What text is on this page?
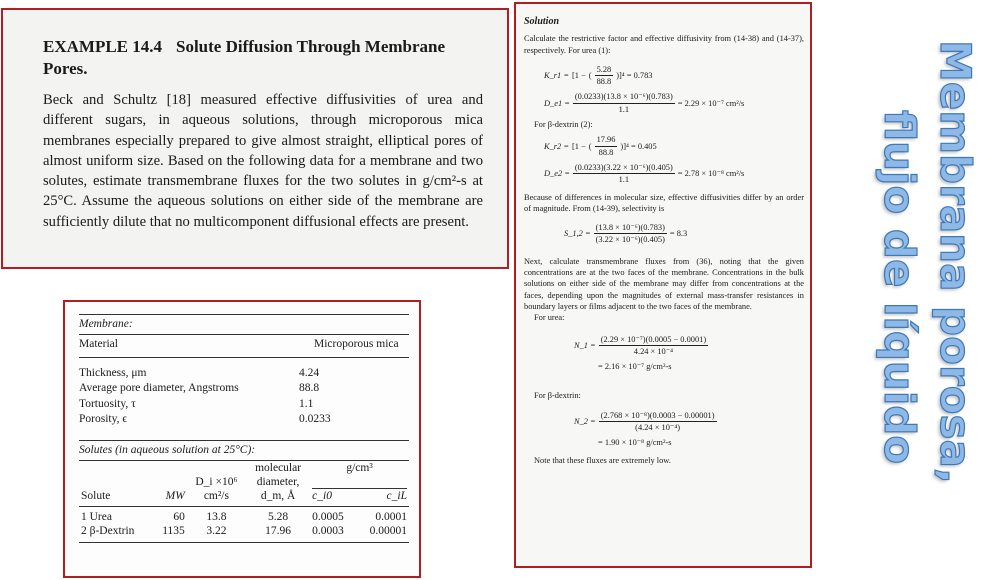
EXAMPLE 14.4 Solute Diffusion Through Membrane Pores.
Beck and Schultz [18] measured effective diffusivities of urea and different sugars, in aqueous solutions, through microporous mica membranes especially prepared to give almost straight, elliptical pores of almost uniform size. Based on the following data for a membrane and two solutes, estimate transmembrane fluxes for the two solutes in g/cm²-s at 25°C. Assume the aqueous solutions on either side of the membrane are sufficiently dilute that no multicomponent diffusional effects are present.
Membrane:
Material	Microporous mica
Thickness, μm	4.24
Average pore diameter, Angstroms	88.8
Tortuosity, τ	1.1
Porosity, ϵ	0.0233
Solutes (in aqueous solution at 25°C):
			molecular	g/cm³	
		D_i ×10⁶	diameter,		

Solute	MW	cm²/s	d_m, Å	c_i0	c_iL

1 Urea	60	13.8	5.28	0.0005	0.0001
2 β-Dextrin	1135	3.22	17.96	0.0003	0.00001
Solution
Calculate the restrictive factor and effective diffusivity from (14-38) and (14-37), respectively. For urea (1):
K_r1 = [1 − ( $\frac{5.28}{88.8} )]^4 = 0.783$
D_e1 = $\frac{\text{(0.0233)(13.8 × 10⁻⁶)(0.783)}}{1.1} = 2.29 \times 10^{-7}$ cm²/s
For β-dextrin (2):
K_r2 = [1 − ( $\frac{17.96}{88.8} )]^4 = 0.405$
D_e2 = $\frac{\text{(0.0233)(3.22 × 10⁻⁶)(0.405)}}{1.1} = 2.78 \times 10^{-8}$ cm²/s
Because of differences in molecular size, effective diffusivities differ by an order of magnitude. From (14-39), selectivity is
S_1,2 = $\frac{\text{(13.8 × 10⁻⁶)(0.783)}}{\text{(3.22 × 10⁻⁶)(0.405)}} = 8.3$
Next, calculate transmembrane fluxes from (36), noting that the given concentrations are at the two faces of the membrane. Concentrations in the bulk solutions on either side of the membrane may differ from concentrations at the faces, depending upon the magnitudes of external mass-transfer resistances in boundary layers or films adjacent to the two faces of the membrane.
For urea:
N_1 = $\frac{\text{(2.29 × 10⁻⁷)(0.0005 − 0.0001)}}{\text{4.24 × 10⁻⁴}}$
= 2.16 × 10⁻⁷ g/cm²-s
For β-dextrin:
N_2 = $\frac{\text{(2.768 × 10⁻⁸)(0.0003 − 0.00001)}}{\text{(4.24 × 10⁻⁴)}}$
= 1.90 × 10⁻⁸ g/cm²-s
Note that these fluxes are extremely low.	Membrana porosa,
flujo de líquido
